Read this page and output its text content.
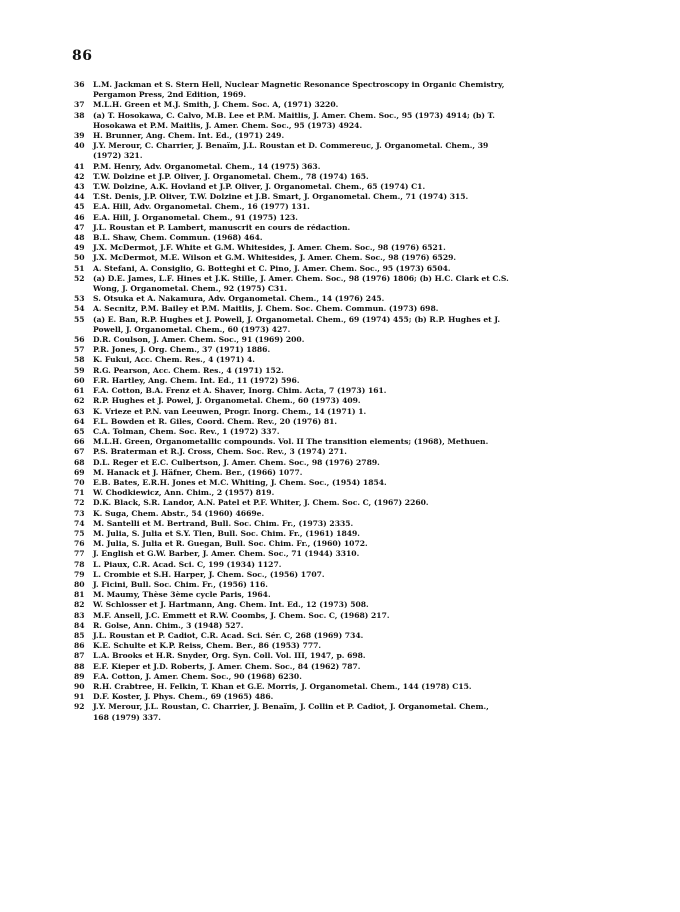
86
36	L.M. Jackman et S. Stern Hell, Nuclear Magnetic Resonance Spectroscopy in Organic Chemistry,
Pergamon Press, 2nd Edition, 1969.
37	M.L.H. Green et M.J. Smith, J. Chem. Soc. A, (1971) 3220.
38	(a) T. Hosokawa, C. Calvo, M.B. Lee et P.M. Maitlis, J. Amer. Chem. Soc., 95 (1973) 4914; (b) T.
Hosokawa et P.M. Maitlis, J. Amer. Chem. Soc., 95 (1973) 4924.
39	H. Brunner, Ang. Chem. Int. Ed., (1971) 249.
40	J.Y. Merour, C. Charrier, J. Benaïm, J.L. Roustan et D. Commereuc, J. Organometal. Chem., 39
(1972) 321.
41	P.M. Henry, Adv. Organometal. Chem., 14 (1975) 363.
42	T.W. Dolzine et J.P. Oliver, J. Organometal. Chem., 78 (1974) 165.
43	T.W. Dolzine, A.K. Hovland et J.P. Oliver, J. Organometal. Chem., 65 (1974) C1.
44	T.St. Denis, J.P. Oliver, T.W. Dolzine et J.B. Smart, J. Organometal. Chem., 71 (1974) 315.
45	E.A. Hill, Adv. Organometal. Chem., 16 (1977) 131.
46	E.A. Hill, J. Organometal. Chem., 91 (1975) 123.
47	J.L. Roustan et P. Lambert, manuscrit en cours de rédaction.
48	B.L. Shaw, Chem. Commun. (1968) 464.
49	J.X. McDermot, J.F. White et G.M. Whitesides, J. Amer. Chem. Soc., 98 (1976) 6521.
50	J.X. McDermot, M.E. Wilson et G.M. Whitesides, J. Amer. Chem. Soc., 98 (1976) 6529.
51	A. Stefani, A. Consiglio, G. Botteghi et C. Pino, J. Amer. Chem. Soc., 95 (1973) 6504.
52	(a) D.E. James, L.F. Hines et J.K. Stille, J. Amer. Chem. Soc., 98 (1976) 1806; (b) H.C. Clark et C.S.
Wong, J. Organometal. Chem., 92 (1975) C31.
53	S. Otsuka et A. Nakamura, Adv. Organometal. Chem., 14 (1976) 245.
54	A. Secnitz, P.M. Bailey et P.M. Maitlis, J. Chem. Soc. Chem. Commun. (1973) 698.
55	(a) E. Ban, R.P. Hughes et J. Powell, J. Organometal. Chem., 69 (1974) 455; (b) R.P. Hughes et J.
Powell, J. Organometal. Chem., 60 (1973) 427.
56	D.R. Coulson, J. Amer. Chem. Soc., 91 (1969) 200.
57	P.R. Jones, J. Org. Chem., 37 (1971) 1886.
58	K. Fukui, Acc. Chem. Res., 4 (1971) 4.
59	R.G. Pearson, Acc. Chem. Res., 4 (1971) 152.
60	F.R. Hartley, Ang. Chem. Int. Ed., 11 (1972) 596.
61	F.A. Cotton, B.A. Frenz et A. Shaver, Inorg. Chim. Acta, 7 (1973) 161.
62	R.P. Hughes et J. Powel, J. Organometal. Chem., 60 (1973) 409.
63	K. Vrieze et P.N. van Leeuwen, Progr. Inorg. Chem., 14 (1971) 1.
64	F.L. Bowden et R. Giles, Coord. Chem. Rev., 20 (1976) 81.
65	C.A. Tolman, Chem. Soc. Rev., 1 (1972) 337.
66	M.L.H. Green, Organometallic compounds. Vol. II The transition elements; (1968), Methuen.
67	P.S. Braterman et R.J. Cross, Chem. Soc. Rev., 3 (1974) 271.
68	D.L. Reger et E.C. Culbertson, J. Amer. Chem. Soc., 98 (1976) 2789.
69	M. Hanack et J. Häfner, Chem. Ber., (1966) 1077.
70	E.B. Bates, E.R.H. Jones et M.C. Whiting, J. Chem. Soc., (1954) 1854.
71	W. Chodkiewicz, Ann. Chim., 2 (1957) 819.
72	D.K. Black, S.R. Landor, A.N. Patel et P.F. Whiter, J. Chem. Soc. C, (1967) 2260.
73	K. Suga, Chem. Abstr., 54 (1960) 4669e.
74	M. Santelli et M. Bertrand, Bull. Soc. Chim. Fr., (1973) 2335.
75	M. Julia, S. Julia et S.Y. Tlen, Bull. Soc. Chim. Fr., (1961) 1849.
76	M. Julia, S. Julia et R. Guegan, Bull. Soc. Chim. Fr., (1960) 1072.
77	J. English et G.W. Barber, J. Amer. Chem. Soc., 71 (1944) 3310.
78	L. Piaux, C.R. Acad. Sci. C, 199 (1934) 1127.
79	L. Crombie et S.H. Harper, J. Chem. Soc., (1956) 1707.
80	J. Ficini, Bull. Soc. Chim. Fr., (1956) 116.
81	M. Maumy, Thèse 3ème cycle Paris, 1964.
82	W. Schlosser et J. Hartmann, Ang. Chem. Int. Ed., 12 (1973) 508.
83	M.F. Ansell, J.C. Emmett et R.W. Coombs, J. Chem. Soc. C, (1968) 217.
84	R. Golse, Ann. Chim., 3 (1948) 527.
85	J.L. Roustan et P. Cadiot, C.R. Acad. Sci. Sér. C, 268 (1969) 734.
86	K.E. Schulte et K.P. Reiss, Chem. Ber., 86 (1953) 777.
87	L.A. Brooks et H.R. Snyder, Org. Syn. Coll. Vol. III, 1947, p. 698.
88	E.F. Kieper et J.D. Roberts, J. Amer. Chem. Soc., 84 (1962) 787.
89	F.A. Cotton, J. Amer. Chem. Soc., 90 (1968) 6230.
90	R.H. Crabtree, H. Felkin, T. Khan et G.E. Morris, J. Organometal. Chem., 144 (1978) C15.
91	D.F. Koster, J. Phys. Chem., 69 (1965) 486.
92	J.Y. Merour, J.L. Roustan, C. Charrier, J. Benaïm, J. Collin et P. Cadiot, J. Organometal. Chem.,
168 (1979) 337.
